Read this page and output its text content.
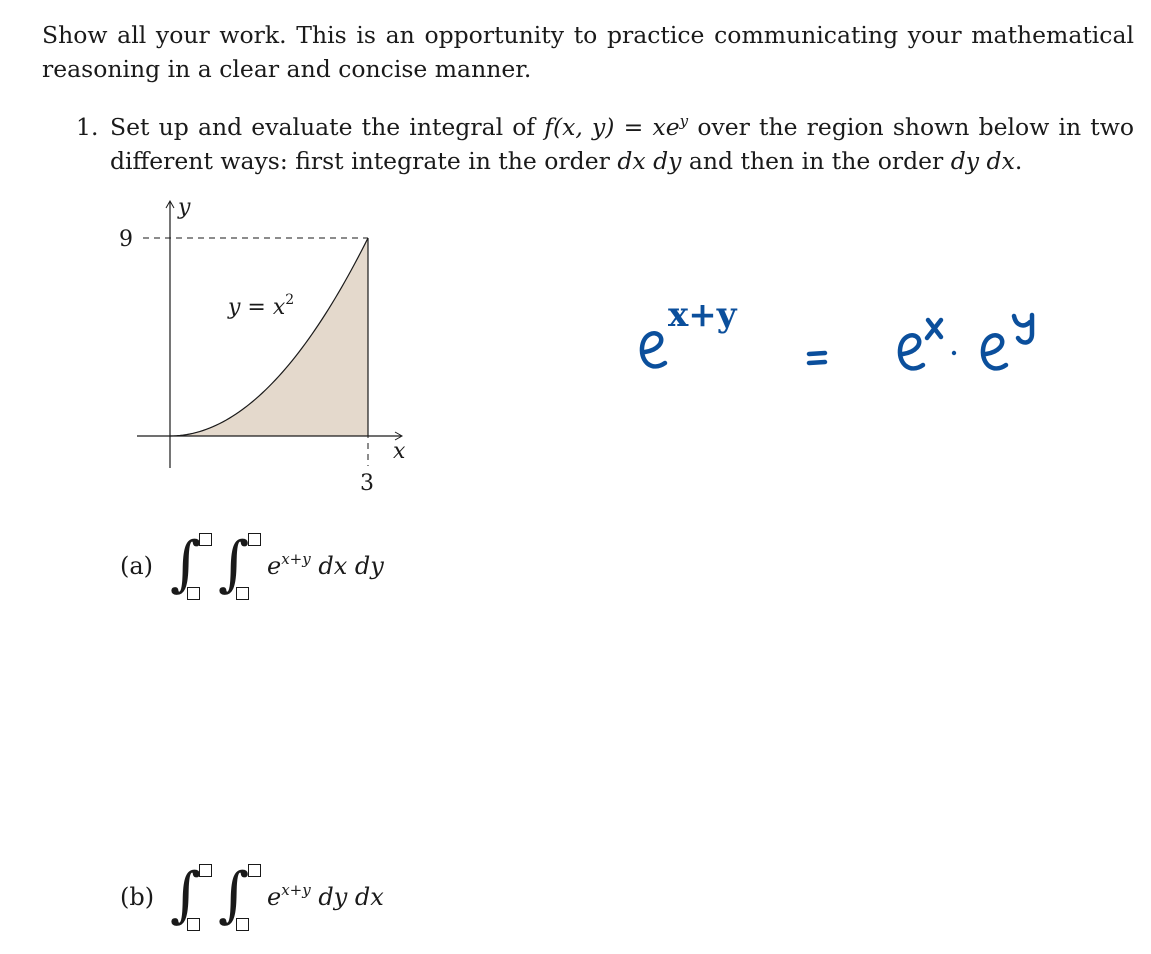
Show all your work. This is an opportunity to practice communicating your mathematical reasoning in a clear and concise manner.
1. Set up and evaluate the integral of f(x, $y) = xe^y$ over the region shown below in two different ways: first integrate in the order dx dy and then in the order dy dx.
y
x
9
3
$y = x^2$	x+y
(a) ∫ ∫ $e^{x+y}$ dx dy
(b) ∫ ∫ $e^{x+y}$ dy dx
